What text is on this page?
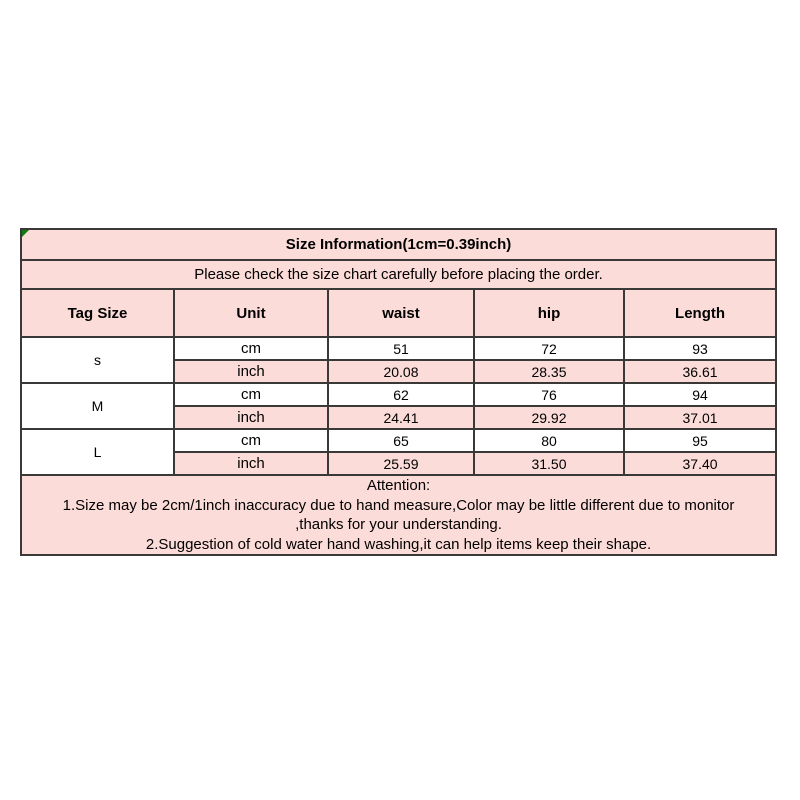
Size Information(1cm=0.39inch)				
Please check the size chart carefully before placing the order.				
Tag Size	Unit	waist	hip	Length
s	cm	51	72	93
	inch	20.08	28.35	36.61
M	cm	62	76	94
	inch	24.41	29.92	37.01
L	cm	65	80	95
	inch	25.59	31.50	37.40

Attention:
1.Size may be 2cm/1inch inaccuracy due to hand measure,Color may be little different due to monitor
,thanks for your understanding.
2.Suggestion of cold water hand washing,it can help items keep their shape.				
